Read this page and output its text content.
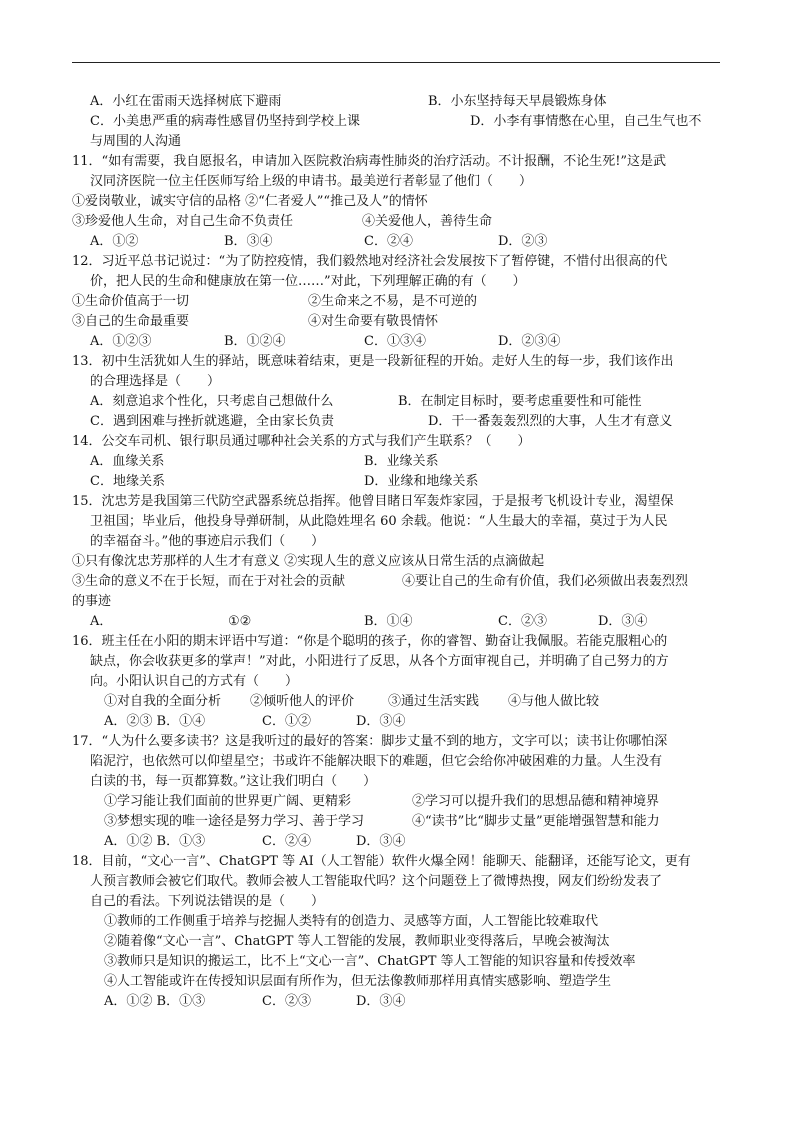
A．小红在雷雨天选择树底下避雨	B．小东坚持每天早晨锻炼身体
C．小美患严重的病毒性感冒仍坚持到学校上课	D．小李有事情憋在心里，自己生气也不
与周围的人沟通
11．“如有需要，我自愿报名，申请加入医院救治病毒性肺炎的治疗活动。不计报酬，不论生死!”这是武
汉同济医院一位主任医师写给上级的申请书。最美逆行者彰显了他们（　　）
①爱岗敬业，诚实守信的品格 ②“仁者爱人”“推己及人”的情怀
③珍爱他人生命，对自己生命不负责任	④关爱他人，善待生命
A．①②	B．③④	C．②④	D．②③
12．习近平总书记说过：“为了防控疫情，我们毅然地对经济社会发展按下了暂停键，不惜付出很高的代
价，把人民的生命和健康放在第一位……”对此，下列理解正确的有（　　）
①生命价值高于一切	②生命来之不易，是不可逆的
③自己的生命最重要	④对生命要有敬畏情怀
A．①②③	B．①②④	C．①③④	D．②③④
13．初中生活犹如人生的驿站，既意味着结束，更是一段新征程的开始。走好人生的每一步，我们该作出
的合理选择是（　　）
A．刻意追求个性化，只考虑自己想做什么	B．在制定目标时，要考虑重要性和可能性
C．遇到困难与挫折就逃避，全由家长负责	D．干一番轰轰烈烈的大事，人生才有意义
14．公交车司机、银行职员通过哪种社会关系的方式与我们产生联系？（　　）
A．血缘关系	B．业缘关系
C．地缘关系	D．业缘和地缘关系
15．沈忠芳是我国第三代防空武器系统总指挥。他曾目睹日军轰炸家园，于是报考飞机设计专业，渴望保
卫祖国；毕业后，他投身导弹研制，从此隐姓埋名 60 余载。他说：“人生最大的幸福，莫过于为人民
的幸福奋斗。”他的事迹启示我们（　　）
①只有像沈忠芳那样的人生才有意义 ②实现人生的意义应该从日常生活的点滴做起
③生命的意义不在于长短，而在于对社会的贡献	④要让自己的生命有价值，我们必须做出表轰烈烈
的事迹
A．	①②	B．①④	C．②③	D．③④
16．班主任在小阳的期末评语中写道：“你是个聪明的孩子，你的睿智、勤奋让我佩服。若能克服粗心的
缺点，你会收获更多的掌声！”对此，小阳进行了反思，从各个方面审视自己，并明确了自己努力的方
向。小阳认识自己的方式有（　　）
①对自我的全面分析 ②倾听他人的评价	③通过生活实践 ④与他人做比较
A．②③ B．①④	C．①②	D．③④
17．“人为什么要多读书？这是我听过的最好的答案：脚步丈量不到的地方，文字可以；读书让你哪怕深
陷泥泞，也依然可以仰望星空；书或许不能解决眼下的难题，但它会给你冲破困难的力量。人生没有
白读的书，每一页都算数。”这让我们明白（　　）
①学习能让我们面前的世界更广阔、更精彩	②学习可以提升我们的思想品德和精神境界
③梦想实现的唯一途径是努力学习、善于学习	④“读书”比“脚步丈量”更能增强智慧和能力
A．①② B．①③	C．②④	D．③④
18．目前，“文心一言”、ChatGPT 等 AI（人工智能）软件火爆全网！能聊天、能翻译，还能写论文，更有
人预言教师会被它们取代。教师会被人工智能取代吗？这个问题登上了微博热搜，网友们纷纷发表了
自己的看法。下列说法错误的是（　　）
①教师的工作侧重于培养与挖掘人类特有的创造力、灵感等方面，人工智能比较难取代
②随着像“文心一言”、ChatGPT 等人工智能的发展，教师职业变得落后，早晚会被淘汰
③教师只是知识的搬运工，比不上“文心一言”、ChatGPT 等人工智能的知识容量和传授效率
④人工智能或许在传授知识层面有所作为，但无法像教师那样用真情实感影响、塑造学生
A．①② B．①③	C．②③	D．③④
